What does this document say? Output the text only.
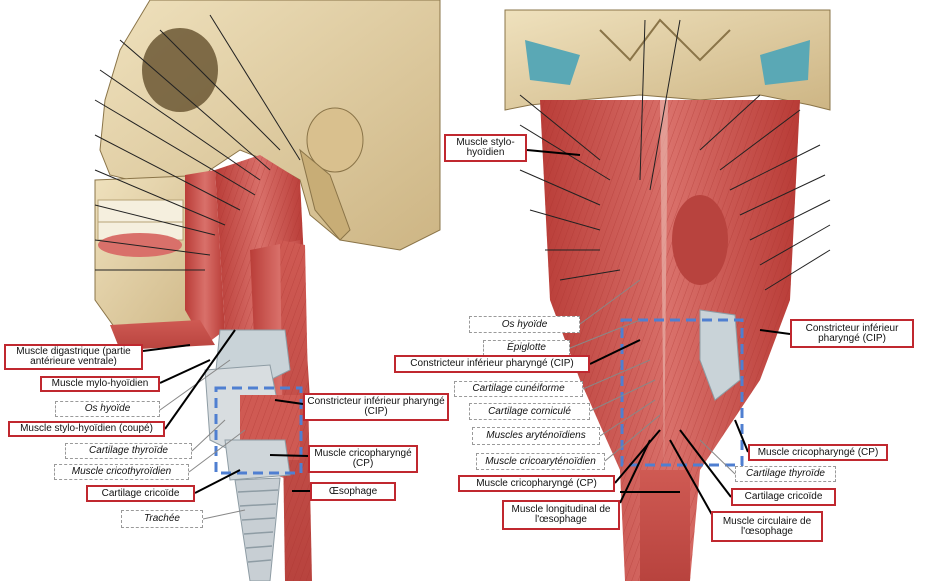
Muscle digastrique (partie antérieure ventrale)
Muscle mylo-hyoïdien
Os hyoïde
Muscle stylo-hyoïdien (coupé)
Cartilage thyroïde
Muscle cricothyroïdien
Cartilage cricoïde
Trachée
Constricteur inférieur pharyngé (CIP)
Muscle cricopharyngé (CP)
Œsophage
Muscle stylo-hyoïdien
Os hyoïde
Épiglotte
Constricteur inférieur pharyngé (CIP)
Cartilage cunéiforme
Cartilage corniculé
Muscles aryténoïdiens
Muscle cricoaryténoïdien
Muscle cricopharyngé (CP)
Muscle longitudinal de l'œsophage
Constricteur inférieur pharyngé (CIP)
Muscle cricopharyngé (CP)
Cartilage thyroïde
Cartilage cricoïde
Muscle circulaire de l'œsophage
